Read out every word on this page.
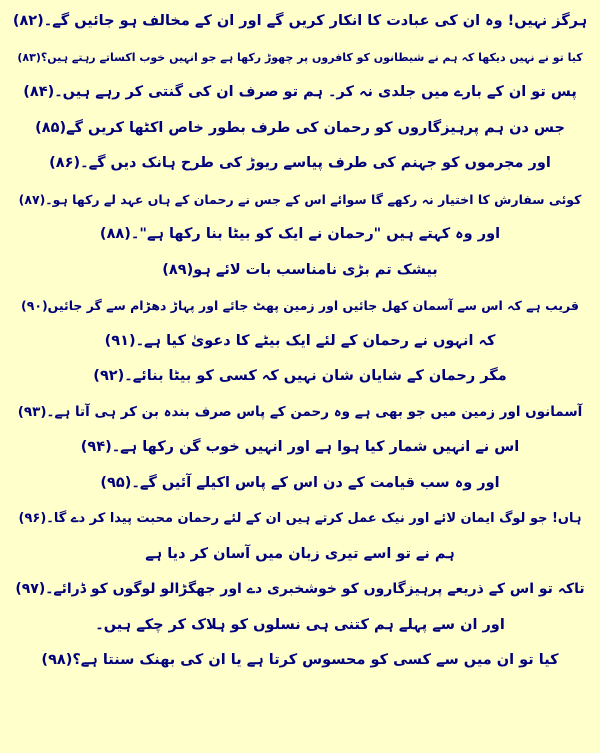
ہرگز نہیں! وہ ان کی عبادت کا انکار کریں گے اور ان کے مخالف ہو جائیں گے۔(۸۲)
کیا تو نے نہیں دیکھا کہ ہم نے شیطانوں کو کافروں پر چھوڑ رکھا ہے جو انہیں خوب اکساتے رہتے ہیں؟(۸۳)
پس تو ان کے بارے میں جلدی نہ کر۔ ہم تو صرف ان کی گنتی کر رہے ہیں۔(۸۴)
جس دن ہم پرہیزگاروں کو رحمان کی طرف بطور خاص اکٹھا کریں گے(۸۵)
اور مجرموں کو جہنم کی طرف پیاسے ریوڑ کی طرح ہانک دیں گے۔(۸۶)
کوئی سفارش کا اختیار نہ رکھے گا سوائے اس کے جس نے رحمان کے ہاں عہد لے رکھا ہو۔(۸۷)
اور وہ کہتے ہیں "رحمان نے ایک کو بیٹا بنا رکھا ہے"۔(۸۸)
بیشک تم بڑی نامناسب بات لائے ہو(۸۹)
قریب ہے کہ اس سے آسمان کھل جائیں اور زمین پھٹ جائے اور پہاڑ دھڑام سے گر جائیں(۹۰)
کہ انہوں نے رحمان کے لئے ایک بیٹے کا دعویٰ کیا ہے۔(۹۱)
مگر رحمان کے شایان شان نہیں کہ کسی کو بیٹا بنائے۔(۹۲)
آسمانوں اور زمین میں جو بھی ہے وہ رحمن کے پاس صرف بندہ بن کر ہی آتا ہے۔(۹۳)
اس نے انہیں شمار کیا ہوا ہے اور انہیں خوب گن رکھا ہے۔(۹۴)
اور وہ سب قیامت کے دن اس کے پاس اکیلے آئیں گے۔(۹۵)
ہاں! جو لوگ ایمان لائے اور نیک عمل کرتے ہیں ان کے لئے رحمان محبت پیدا کر دے گا۔(۹۶)
ہم نے تو اسے تیری زبان میں آسان کر دیا ہے
تاکہ تو اس کے ذریعے پرہیزگاروں کو خوشخبری دے اور جھگڑالو لوگوں کو ڈرائے۔(۹۷)
اور ان سے پہلے ہم کتنی ہی نسلوں کو ہلاک کر چکے ہیں۔
کیا تو ان میں سے کسی کو محسوس کرتا ہے یا ان کی بھنک سنتا ہے؟(۹۸)
